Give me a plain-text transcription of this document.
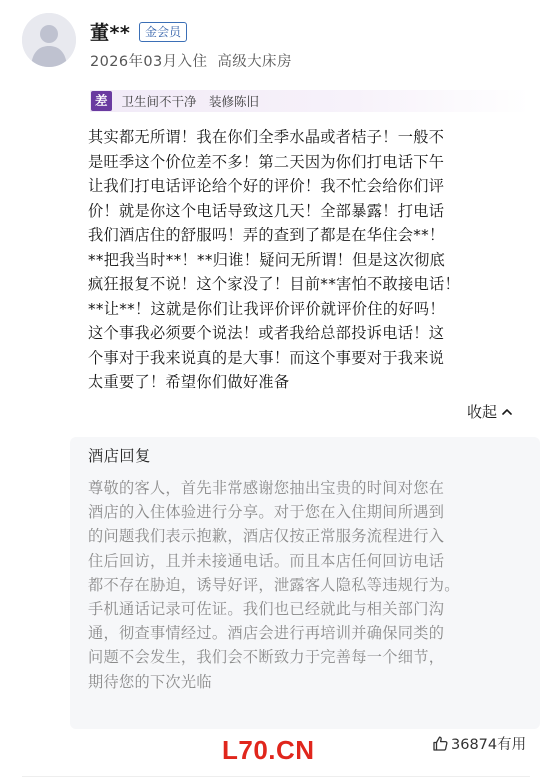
董**	金会员
2026年03月入住 高级大床房
差	卫生间不干净　装修陈旧
其实都无所谓！我在你们全季水晶或者桔子！一般不
是旺季这个价位差不多！第二天因为你们打电话下午
让我们打电话评论给个好的评价！我不忙会给你们评
价！就是你这个电话导致这几天！全部暴露！打电话
我们酒店住的舒服吗！弄的查到了都是在华住会**！
**把我当时**！**归谁！疑问无所谓！但是这次彻底
疯狂报复不说！这个家没了！目前**害怕不敢接电话！
**让**！这就是你们让我评价评价就评价住的好吗！
这个事我必须要个说法！或者我给总部投诉电话！这
个事对于我来说真的是大事！而这个事要对于我来说
太重要了！希望你们做好准备
收起
酒店回复
尊敬的客人，首先非常感谢您抽出宝贵的时间对您在
酒店的入住体验进行分享。对于您在入住期间所遇到
的问题我们表示抱歉，酒店仅按正常服务流程进行入
住后回访，且并未接通电话。而且本店任何回访电话
都不存在胁迫，诱导好评，泄露客人隐私等违规行为。
手机通话记录可佐证。我们也已经就此与相关部门沟
通，彻查事情经过。酒店会进行再培训并确保同类的
问题不会发生，我们会不断致力于完善每一个细节，
期待您的下次光临
L70.CN	36874有用
